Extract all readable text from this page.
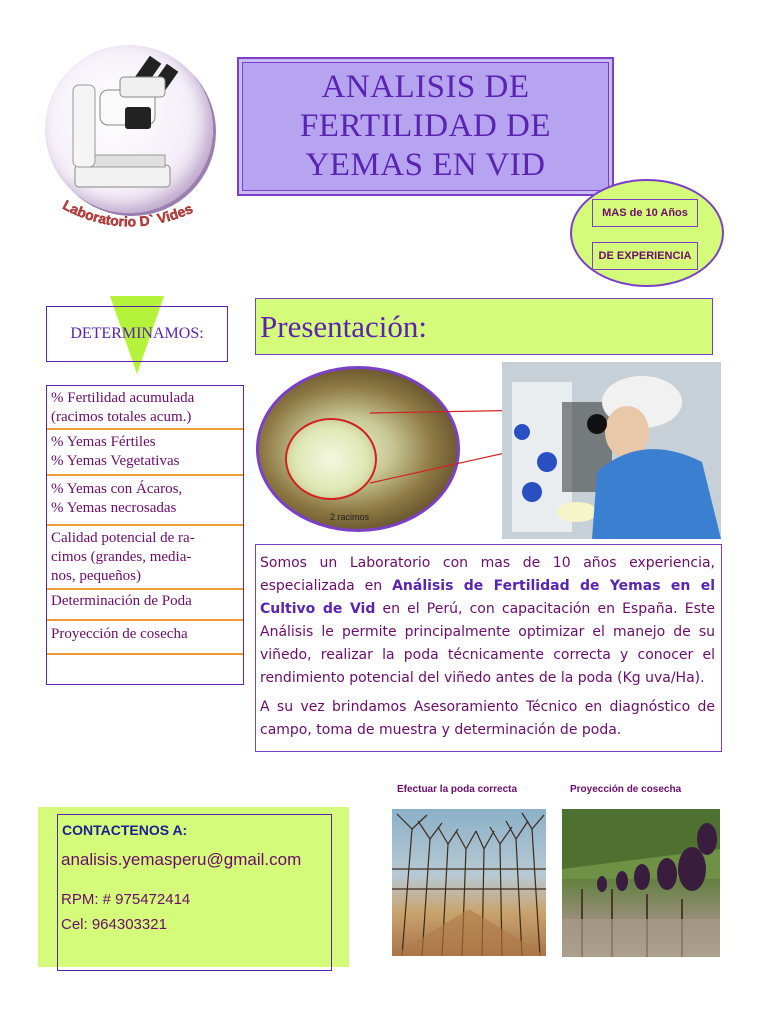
Laboratorio D` Vides
ANALISIS DE
FERTILIDAD DE
YEMAS EN VID
MAS de 10 Años
DE EXPERIENCIA
DETERMINAMOS:
% Fertilidad acumulada
(racimos totales acum.)
% Yemas Fértiles
% Yemas Vegetativas
% Yemas con Ácaros,
% Yemas necrosadas
Calidad potencial de ra-
cimos (grandes, media-
nos, pequeños)
Determinación de Poda
Proyección de cosecha
Presentación:
2 racimos

Somos un Laboratorio con mas de 10 años experiencia, especializada en Análisis de Fertilidad de Yemas en el Cultivo de Vid en el Perú, con capacitación en España. Este Análisis le permite principalmente optimizar el manejo de su viñedo, realizar la poda técnicamente correcta y conocer el rendimiento potencial del viñedo antes de la poda (Kg uva/Ha).

A su vez brindamos Asesoramiento Técnico en diagnóstico de campo, toma de muestra y determinación de poda.

CONTACTENOS A:
analisis.yemasperu@gmail.com
RPM: # 975472414
Cel: 964303321
Efectuar la poda correcta	Proyección de cosecha
